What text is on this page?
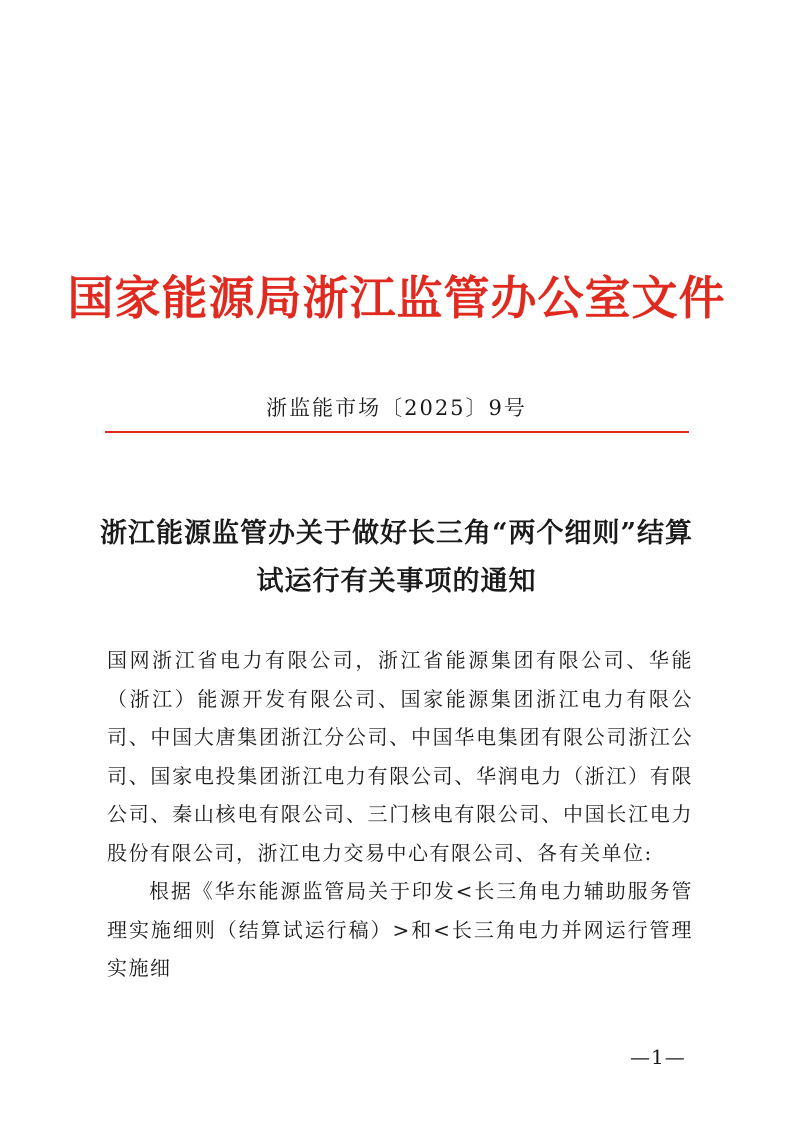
国家能源局浙江监管办公室文件
浙监能市场〔2025〕9号
浙江能源监管办关于做好长三角“两个细则”结算试运行有关事项的通知

国网浙江省电力有限公司，浙江省能源集团有限公司、华能（浙江）能源开发有限公司、国家能源集团浙江电力有限公司、中国大唐集团浙江分公司、中国华电集团有限公司浙江公司、国家电投集团浙江电力有限公司、华润电力（浙江）有限公司、秦山核电有限公司、三门核电有限公司、中国长江电力股份有限公司，浙江电力交易中心有限公司、各有关单位:

根据《华东能源监管局关于印发<长三角电力辅助服务管理实施细则（结算试运行稿）>和<长三角电力并网运行管理实施细

—1—
